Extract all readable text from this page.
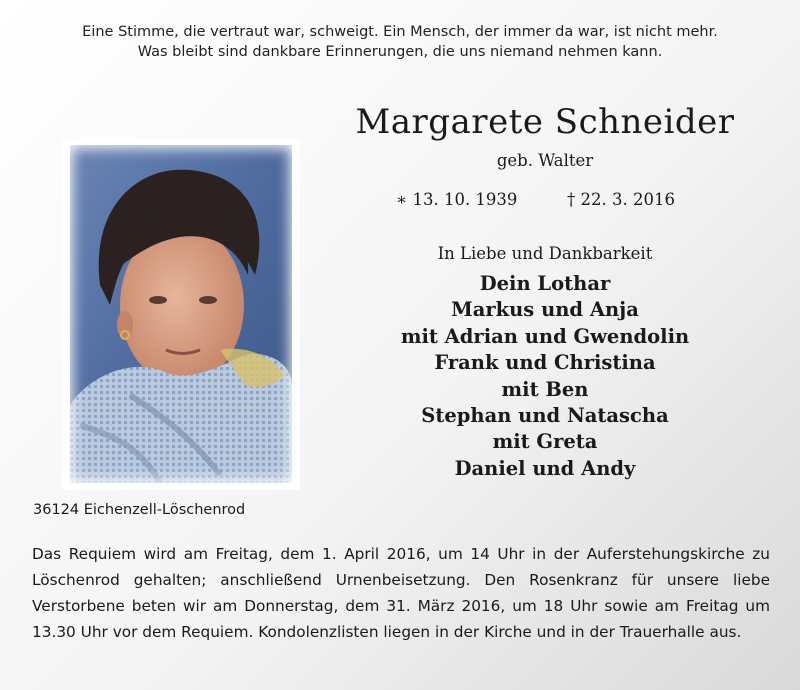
Eine Stimme, die vertraut war, schweigt. Ein Mensch, der immer da war, ist nicht mehr.
Was bleibt sind dankbare Erinnerungen, die uns niemand nehmen kann.
Margarete Schneider
geb. Walter
∗ 13. 10. 1939	† 22. 3. 2016
In Liebe und Dankbarkeit
Dein Lothar
Markus und Anja
mit Adrian und Gwendolin
Frank und Christina
mit Ben
Stephan und Natascha
mit Greta
Daniel und Andy
36124 Eichenzell-Löschenrod
Das Requiem wird am Freitag, dem 1. April 2016, um 14 Uhr in der Auferstehungskirche zu Löschenrod gehalten; anschließend Urnenbeisetzung. Den Rosenkranz für unsere liebe Verstorbene beten wir am Donnerstag, dem 31. März 2016, um 18 Uhr sowie am Freitag um 13.30 Uhr vor dem Requiem. Kondolenzlisten liegen in der Kirche und in der Trauerhalle aus.
